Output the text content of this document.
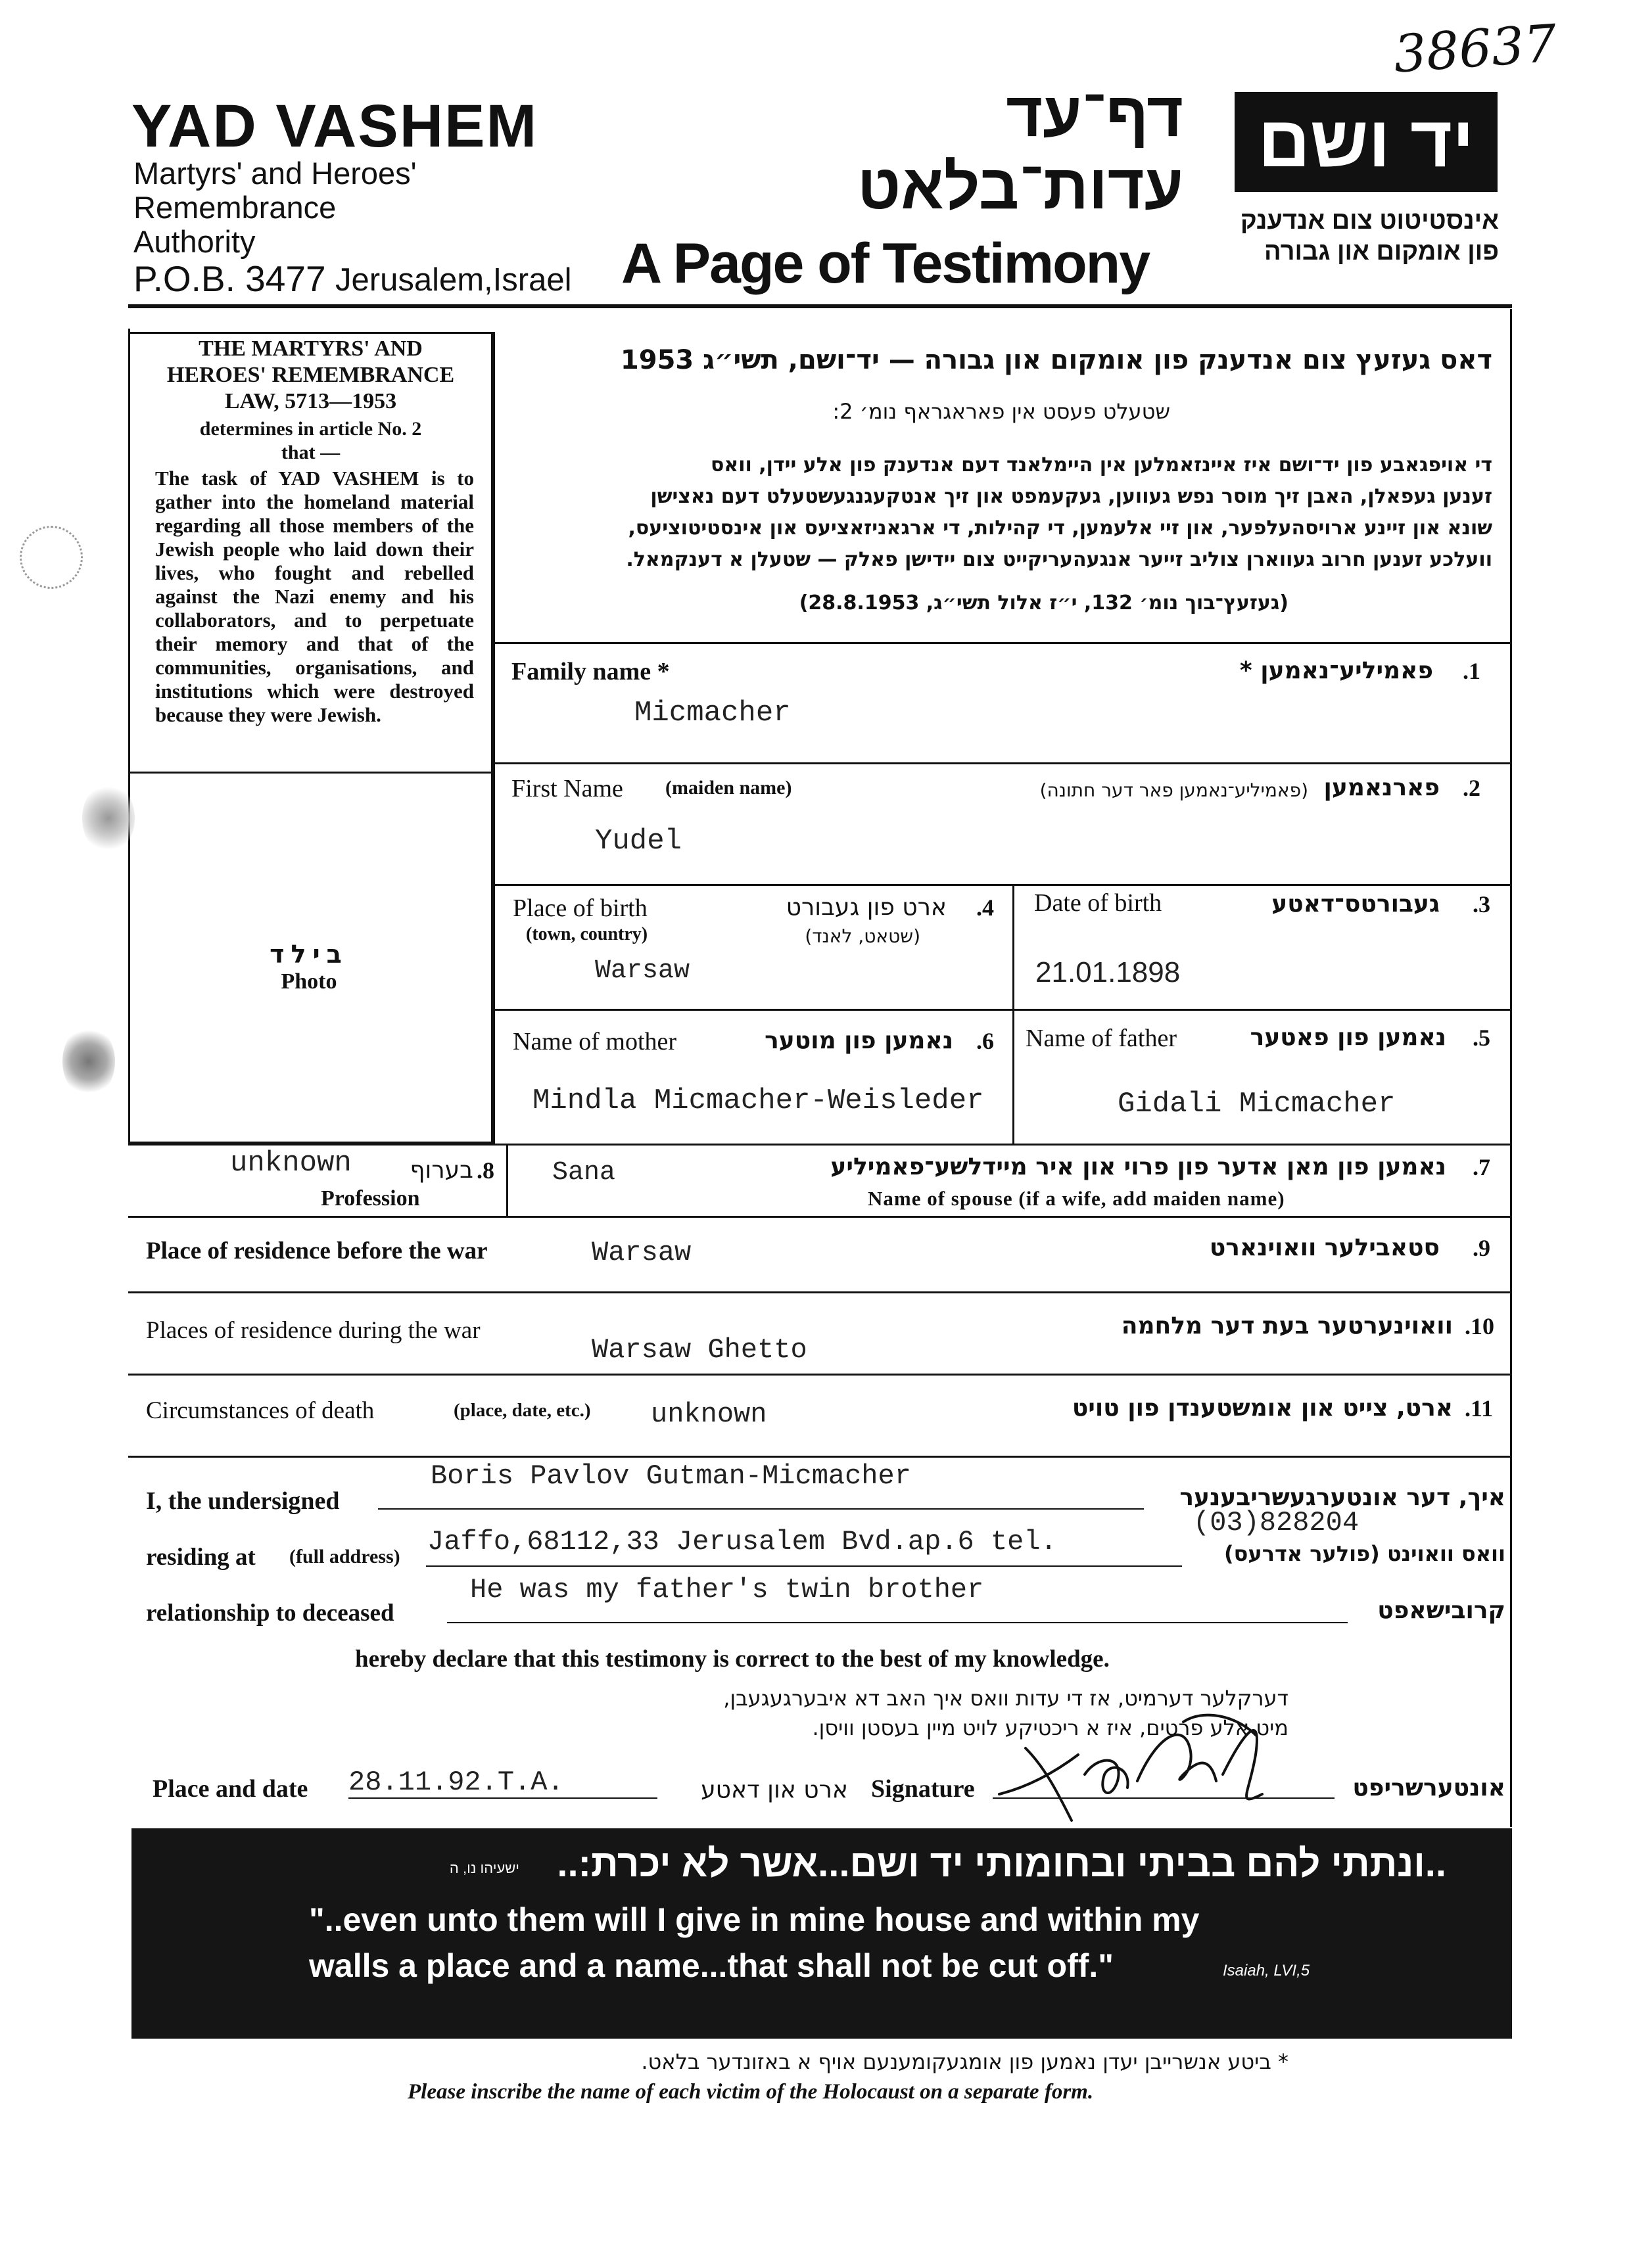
38637
YAD VASHEM
Martyrs' and Heroes'
Remembrance
Authority
P.O.B. 3477 Jerusalem,Israel
דף־עד
עדות־בלאט
A Page of Testimony
יד ושם
אינסטיטוט צום אנדענק
פון אומקום און גבורה
THE MARTYRS' AND
HEROES' REMEMBRANCE
LAW, 5713—1953
determines in article No. 2
that —
The task of YAD VASHEM is to gather into the homeland material regarding all those members of the Jewish people who laid down their lives, who fought and rebelled against the Nazi enemy and his collaborators, and to perpetuate their memory and that of the communities, organisations, and institutions which were destroyed because they were Jewish.
בילד
Photo
דאס געזעץ צום אנדענק פון אומקום און גבורה — יד־ושם, תשי״ג 1953
שטעלט פעסט אין פאראגראף נומ׳ 2:
די אויפגאבע פון יד־ושם איז איינזאמלען אין היימלאנד דעם אנדענק פון אלע יידן, וואס
זענען געפאלן, האבן זיך מוסר נפש געווען, געקעמפט און זיך אנטקעגנגעשטעלט דעם נאצישן
שונא און זיינע ארויסהעלפער, און זיי אלעמען, די קהילות, די ארגאניזאציעס און אינסטיטוציעס,
וועלכע זענען חרוב געווארן צוליב זייער אנגעהעריקייט צום יידישן פאלק — שטעלן א דענקמאל.
(געזעץ־בוך נומ׳ 132, י״ז אלול תשי״ג, 28.8.1953)
Family name *	פאמיליע־נאמען * .1
Micmacher
First Name (maiden name)	(פאמיליע־נאמען פאר דער חתונה) פארנאמען .2
Yudel
Place of birth
(town, country)
ארט פון געבורט
(שטאט, לאנד)
.4
Warsaw
Date of birth	געבורטס־דאטע .3
21.01.1898
Name of mother	נאמען פון מוטער .6
Mindla Micmacher-Weisleder
Name of father	נאמען פון פאטער .5
Gidali Micmacher
unknown	בערוף .8
Profession
Sana	נאמען פון מאן אדער פון פרוי און איר מיידלשע־פאמיליע .7
Name of spouse (if a wife, add maiden name)
Place of residence before the war	Warsaw	סטאבילער וואוינארט .9
Places of residence during the war
Warsaw Ghetto
וואוינערטער בעת דער מלחמה .10
Circumstances of death	(place, date, etc.) unknown	ארט, צייט און אומשטענדן פון טויט .11
I, the undersigned
Boris Pavlov Gutman-Micmacher
איך, דער אונטערגעשריבענער
residing at (full address) Jaffo,68112,33 Jerusalem Bvd.ap.6 tel.
(03)828204
וואס וואוינט (פולער אדרעס)
relationship to deceased
He was my father's twin brother
קרובישאפט
hereby declare that this testimony is correct to the best of my knowledge.
דערקלער דערמיט, אז די עדות וואס איך האב דא איבערגעגעבן,
מיט אלע פרטים, איז א ריכטיקע לויט מיין בעסטן וויסן.
Place and date 28.11.92.T.A.	ארט און דאטע Signature	אונטערשריפט
..ונתתי להם בביתי ובחומותי יד ושם...אשר לא יכרת:..
ישעיהו נו, ה
"..even unto them will I give in mine house and within my
walls a place and a name...that shall not be cut off."	Isaiah, LVI,5
* ביטע אנשרייבן יעדן נאמען פון אומגעקומענעם אויף א באזונדער בלאט.
Please inscribe the name of each victim of the Holocaust on a separate form.
